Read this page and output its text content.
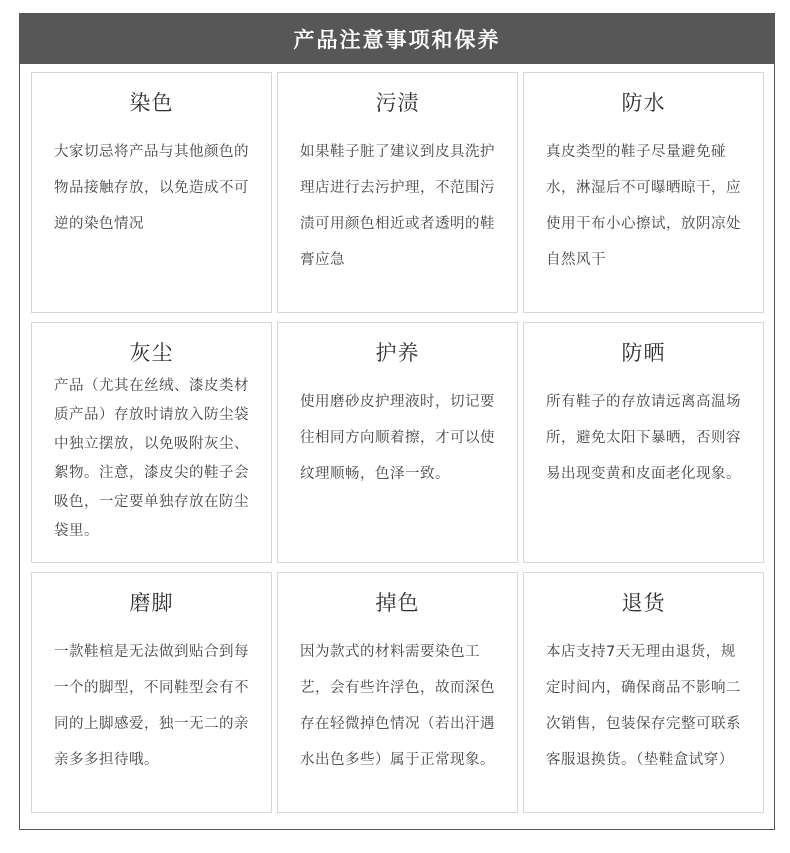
产品注意事项和保养
染色
大家切忌将产品与其他颜色的物品接触存放，以免造成不可逆的染色情况
污渍
如果鞋子脏了建议到皮具洗护理店进行去污护理，不范围污渍可用颜色相近或者透明的鞋膏应急
防水
真皮类型的鞋子尽量避免碰水，淋湿后不可曝晒晾干，应使用干布小心擦试，放阴凉处自然风干
灰尘
产品（尤其在丝绒、漆皮类材质产品）存放时请放入防尘袋中独立摆放，以免吸附灰尘、絮物。注意，漆皮尖的鞋子会吸色，一定要单独存放在防尘袋里。
护养
使用磨砂皮护理液时，切记要往相同方向顺着擦，才可以使纹理顺畅，色泽一致。
防晒
所有鞋子的存放请远离高温场所，避免太阳下暴晒，否则容易出现变黄和皮面老化现象。
磨脚
一款鞋楦是无法做到贴合到每一个的脚型，不同鞋型会有不同的上脚感爱，独一无二的亲亲多多担待哦。
掉色
因为款式的材料需要染色工艺，会有些许浮色，故而深色存在轻微掉色情况（若出汗遇水出色多些）属于正常现象。
退货
本店支持7天无理由退货，规定时间内，确保商品不影响二次销售，包装保存完整可联系客服退换货。（垫鞋盒试穿）
